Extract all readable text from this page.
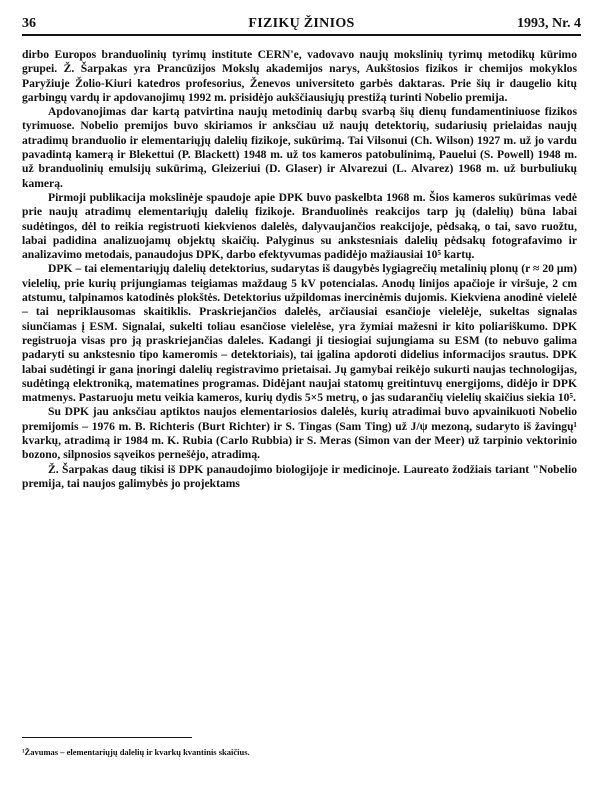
36	FIZIKŲ ŽINIOS	1993, Nr. 4

dirbo Europos branduolinių tyrimų institute CERN'e, vadovavo naujų mokslinių tyrimų metodikų kūrimo grupei. Ž. Šarpakas yra Prancūzijos Mokslų akademijos narys, Aukštosios fizikos ir chemijos mokyklos Paryžiuje Žolio-Kiuri katedros profesorius, Ženevos universiteto garbės daktaras. Prie šių ir daugelio kitų garbingų vardų ir apdovanojimų 1992 m. prisidėjo aukščiausiųjų prestižą turinti Nobelio premija.

Apdovanojimas dar kartą patvirtina naujų metodinių darbų svarbą šių dienų fundamentiniuose fizikos tyrimuose. Nobelio premijos buvo skiriamos ir anksčiau už naujų detektorių, sudariusių prielaidas naujų atradimų branduolio ir elementariųjų dalelių fizikoje, sukūrimą. Tai Vilsonui (Ch. Wilson) 1927 m. už jo vardu pavadintą kamerą ir Blekettui (P. Blackett) 1948 m. už tos kameros patobulinimą, Pauelui (S. Powell) 1948 m. už branduolinių emulsijų sukūrimą, Gleizeriui (D. Glaser) ir Alvarezui (L. Alvarez) 1968 m. už burbuliukų kamerą.

Pirmoji publikacija mokslinėje spaudoje apie DPK buvo paskelbta 1968 m. Šios kameros sukūrimas vedė prie naujų atradimų elementariųjų dalelių fizikoje. Branduolinės reakcijos tarp jų (dalelių) būna labai sudėtingos, dėl to reikia registruoti kiekvienos dalelės, dalyvaujančios reakcijoje, pėdsaką, o tai, savo ruožtu, labai padidina analizuojamų objektų skaičių. Palyginus su ankstesniais dalelių pėdsakų fotografavimo ir analizavimo metodais, panaudojus DPK, darbo efektyvumas padidėjo mažiausiai 10⁵ kartų.

DPK – tai elementariųjų dalelių detektorius, sudarytas iš daugybės lygiagrečių metalinių plonų (r ≈ 20 μm) vielelių, prie kurių prijungiamas teigiamas maždaug 5 kV potencialas. Anodų linijos apačioje ir viršuje, 2 cm atstumu, talpinamos katodinės plokštės. Detektorius užpildomas inercinėmis dujomis. Kiekviena anodinė vielelė – tai nepriklausomas skaitiklis. Praskriejančios dalelės, arčiausiai esančioje vielelėje, sukeltas signalas siunčiamas į ESM. Signalai, sukelti toliau esančiose vielelėse, yra žymiai mažesni ir kito poliariškumo. DPK registruoja visas pro ją praskriejančias daleles. Kadangi ji tiesiogiai sujungiama su ESM (to nebuvo galima padaryti su ankstesnio tipo kameromis – detektoriais), tai įgalina apdoroti didelius informacijos srautus. DPK labai sudėtingi ir gana įnoringi dalelių registravimo prietaisai. Jų gamybai reikėjo sukurti naujas technologijas, sudėtingą elektroniką, matematines programas. Didėjant naujai statomų greitintuvų energijoms, didėjo ir DPK matmenys. Pastaruoju metu veikia kameros, kurių dydis 5×5 metrų, o jas sudarančių vielelių skaičius siekia 10⁵.

Su DPK jau anksčiau aptiktos naujos elementariosios dalelės, kurių atradimai buvo apvainikuoti Nobelio premijomis – 1976 m. B. Richteris (Burt Richter) ir S. Tingas (Sam Ting) už J/ψ mezoną, sudaryto iš žavingų¹ kvarkų, atradimą ir 1984 m. K. Rubia (Carlo Rubbia) ir S. Meras (Simon van der Meer) už tarpinio vektorinio bozono, silpnosios sąveikos pernešėjo, atradimą.

Ž. Šarpakas daug tikisi iš DPK panaudojimo biologijoje ir medicinoje. Laureato žodžiais tariant "Nobelio premija, tai naujos galimybės jo projektams

¹Žavumas – elementariųjų dalelių ir kvarkų kvantinis skaičius.
